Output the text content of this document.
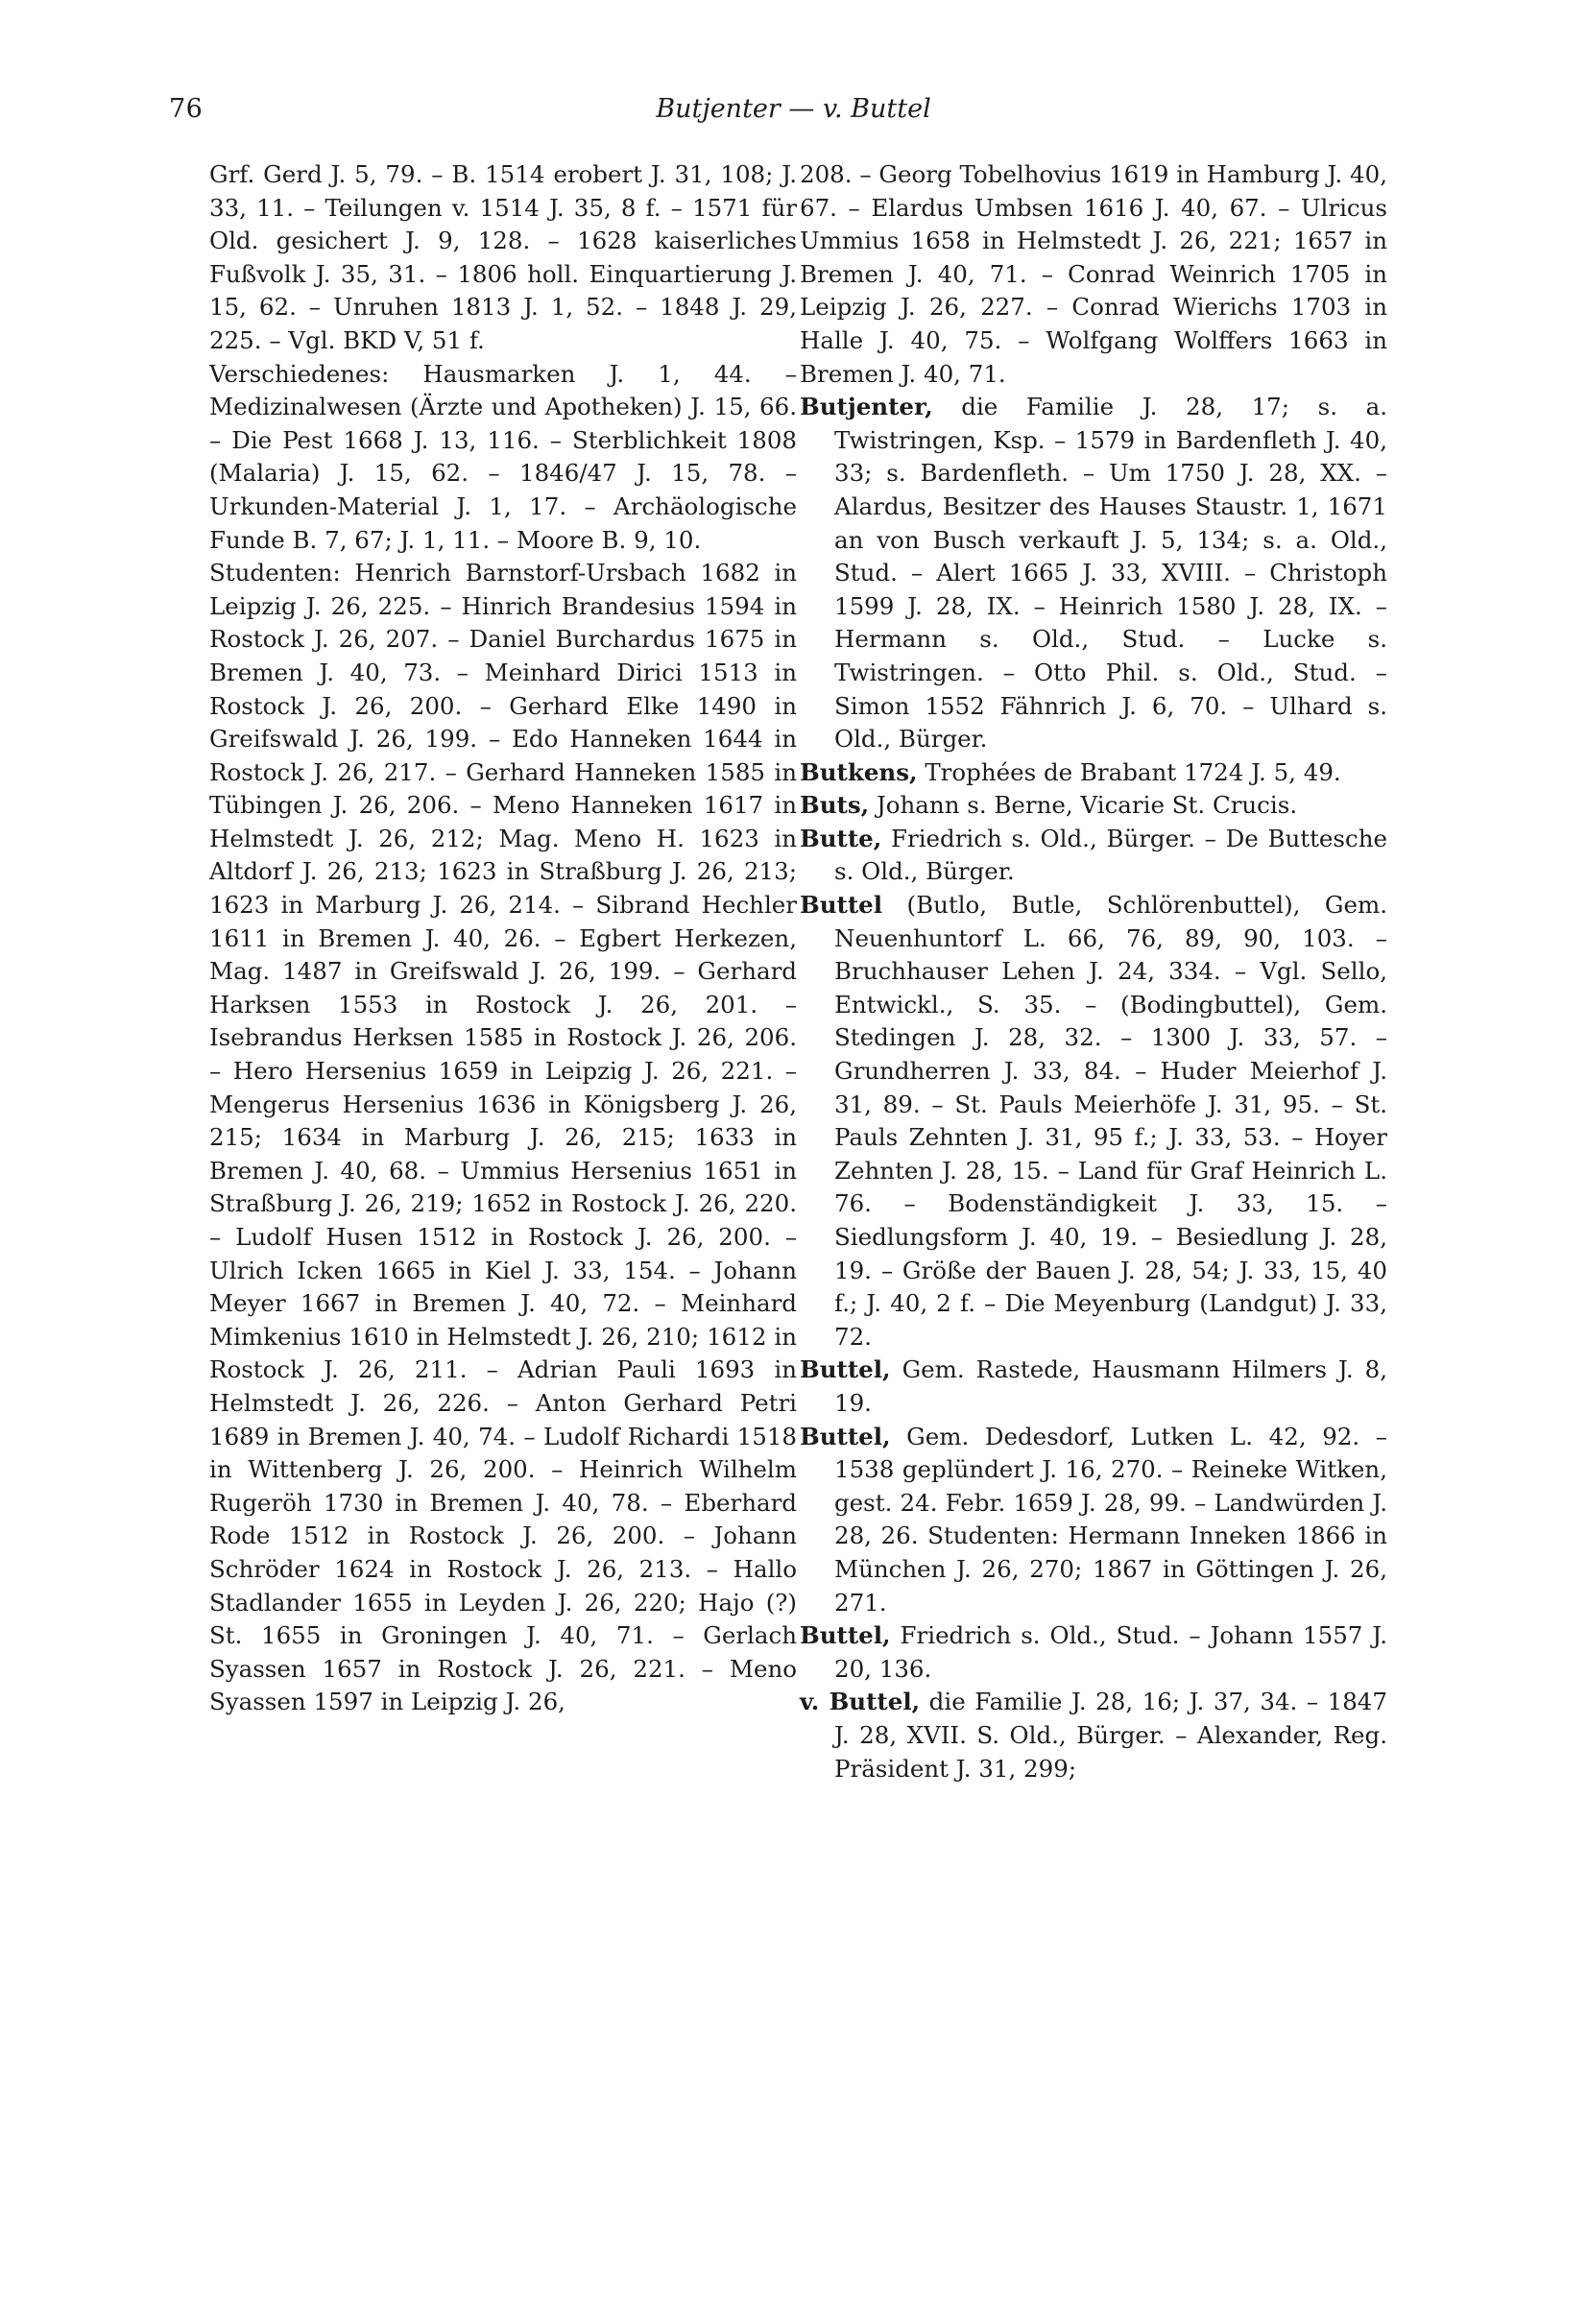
76	Butjenter — v. Buttel

Grf. Gerd J. 5, 79. – B. 1514 erobert J. 31, 108; J. 33, 11. – Teilungen v. 1514 J. 35, 8 f. – 1571 für Old. gesichert J. 9, 128. – 1628 kaiserliches Fußvolk J. 35, 31. – 1806 holl. Einquartierung J. 15, 62. – Unruhen 1813 J. 1, 52. – 1848 J. 29, 225. – Vgl. BKD V, 51 f.

Verschiedenes: Hausmarken J. 1, 44. – Medizinalwesen (Ärzte und Apotheken) J. 15, 66. – Die Pest 1668 J. 13, 116. – Sterblichkeit 1808 (Malaria) J. 15, 62. – 1846/47 J. 15, 78. – Urkunden-Material J. 1, 17. – Archäologische Funde B. 7, 67; J. 1, 11. – Moore B. 9, 10.

Studenten: Henrich Barnstorf-Ursbach 1682 in Leipzig J. 26, 225. – Hinrich Brandesius 1594 in Rostock J. 26, 207. – Daniel Burchardus 1675 in Bremen J. 40, 73. – Meinhard Dirici 1513 in Rostock J. 26, 200. – Gerhard Elke 1490 in Greifswald J. 26, 199. – Edo Hanneken 1644 in Rostock J. 26, 217. – Gerhard Hanneken 1585 in Tübingen J. 26, 206. – Meno Hanneken 1617 in Helmstedt J. 26, 212; Mag. Meno H. 1623 in Altdorf J. 26, 213; 1623 in Straßburg J. 26, 213; 1623 in Marburg J. 26, 214. – Sibrand Hechler 1611 in Bremen J. 40, 26. – Egbert Herkezen, Mag. 1487 in Greifswald J. 26, 199. – Gerhard Harksen 1553 in Rostock J. 26, 201. – Isebrandus Herksen 1585 in Rostock J. 26, 206. – Hero Hersenius 1659 in Leipzig J. 26, 221. – Mengerus Hersenius 1636 in Königsberg J. 26, 215; 1634 in Marburg J. 26, 215; 1633 in Bremen J. 40, 68. – Ummius Hersenius 1651 in Straßburg J. 26, 219; 1652 in Rostock J. 26, 220. – Ludolf Husen 1512 in Rostock J. 26, 200. – Ulrich Icken 1665 in Kiel J. 33, 154. – Johann Meyer 1667 in Bremen J. 40, 72. – Meinhard Mimkenius 1610 in Helmstedt J. 26, 210; 1612 in Rostock J. 26, 211. – Adrian Pauli 1693 in Helmstedt J. 26, 226. – Anton Gerhard Petri 1689 in Bremen J. 40, 74. – Ludolf Richardi 1518 in Wittenberg J. 26, 200. – Heinrich Wilhelm Rugeröh 1730 in Bremen J. 40, 78. – Eberhard Rode 1512 in Rostock J. 26, 200. – Johann Schröder 1624 in Rostock J. 26, 213. – Hallo Stadlander 1655 in Leyden J. 26, 220; Hajo (?) St. 1655 in Groningen J. 40, 71. – Gerlach Syassen 1657 in Rostock J. 26, 221. – Meno Syassen 1597 in Leipzig J. 26,

208. – Georg Tobelhovius 1619 in Hamburg J. 40, 67. – Elardus Umbsen 1616 J. 40, 67. – Ulricus Ummius 1658 in Helmstedt J. 26, 221; 1657 in Bremen J. 40, 71. – Conrad Weinrich 1705 in Leipzig J. 26, 227. – Conrad Wierichs 1703 in Halle J. 40, 75. – Wolfgang Wolffers 1663 in Bremen J. 40, 71.

Butjenter, die Familie J. 28, 17; s. a. Twistringen, Ksp. – 1579 in Bardenfleth J. 40, 33; s. Bardenfleth. – Um 1750 J. 28, XX. – Alardus, Besitzer des Hauses Staustr. 1, 1671 an von Busch verkauft J. 5, 134; s. a. Old., Stud. – Alert 1665 J. 33, XVIII. – Christoph 1599 J. 28, IX. – Heinrich 1580 J. 28, IX. – Hermann s. Old., Stud. – Lucke s. Twistringen. – Otto Phil. s. Old., Stud. – Simon 1552 Fähnrich J. 6, 70. – Ulhard s. Old., Bürger.

Butkens, Trophées de Brabant 1724 J. 5, 49.

Buts, Johann s. Berne, Vicarie St. Crucis.

Butte, Friedrich s. Old., Bürger. – De Buttesche s. Old., Bürger.

Buttel (Butlo, Butle, Schlörenbuttel), Gem. Neuenhuntorf L. 66, 76, 89, 90, 103. – Bruchhauser Lehen J. 24, 334. – Vgl. Sello, Entwickl., S. 35. – (Bodingbuttel), Gem. Stedingen J. 28, 32. – 1300 J. 33, 57. – Grundherren J. 33, 84. – Huder Meierhof J. 31, 89. – St. Pauls Meierhöfe J. 31, 95. – St. Pauls Zehnten J. 31, 95 f.; J. 33, 53. – Hoyer Zehnten J. 28, 15. – Land für Graf Heinrich L. 76. – Bodenständigkeit J. 33, 15. – Siedlungsform J. 40, 19. – Besiedlung J. 28, 19. – Größe der Bauen J. 28, 54; J. 33, 15, 40 f.; J. 40, 2 f. – Die Meyenburg (Landgut) J. 33, 72.

Buttel, Gem. Rastede, Hausmann Hilmers J. 8, 19.

Buttel, Gem. Dedesdorf, Lutken L. 42, 92. – 1538 geplündert J. 16, 270. – Reineke Witken, gest. 24. Febr. 1659 J. 28, 99. – Landwürden J. 28, 26. Studenten: Hermann Inneken 1866 in München J. 26, 270; 1867 in Göttingen J. 26, 271.

Buttel, Friedrich s. Old., Stud. – Johann 1557 J. 20, 136.

v. Buttel, die Familie J. 28, 16; J. 37, 34. – 1847 J. 28, XVII. S. Old., Bürger. – Alexander, Reg. Präsident J. 31, 299;
